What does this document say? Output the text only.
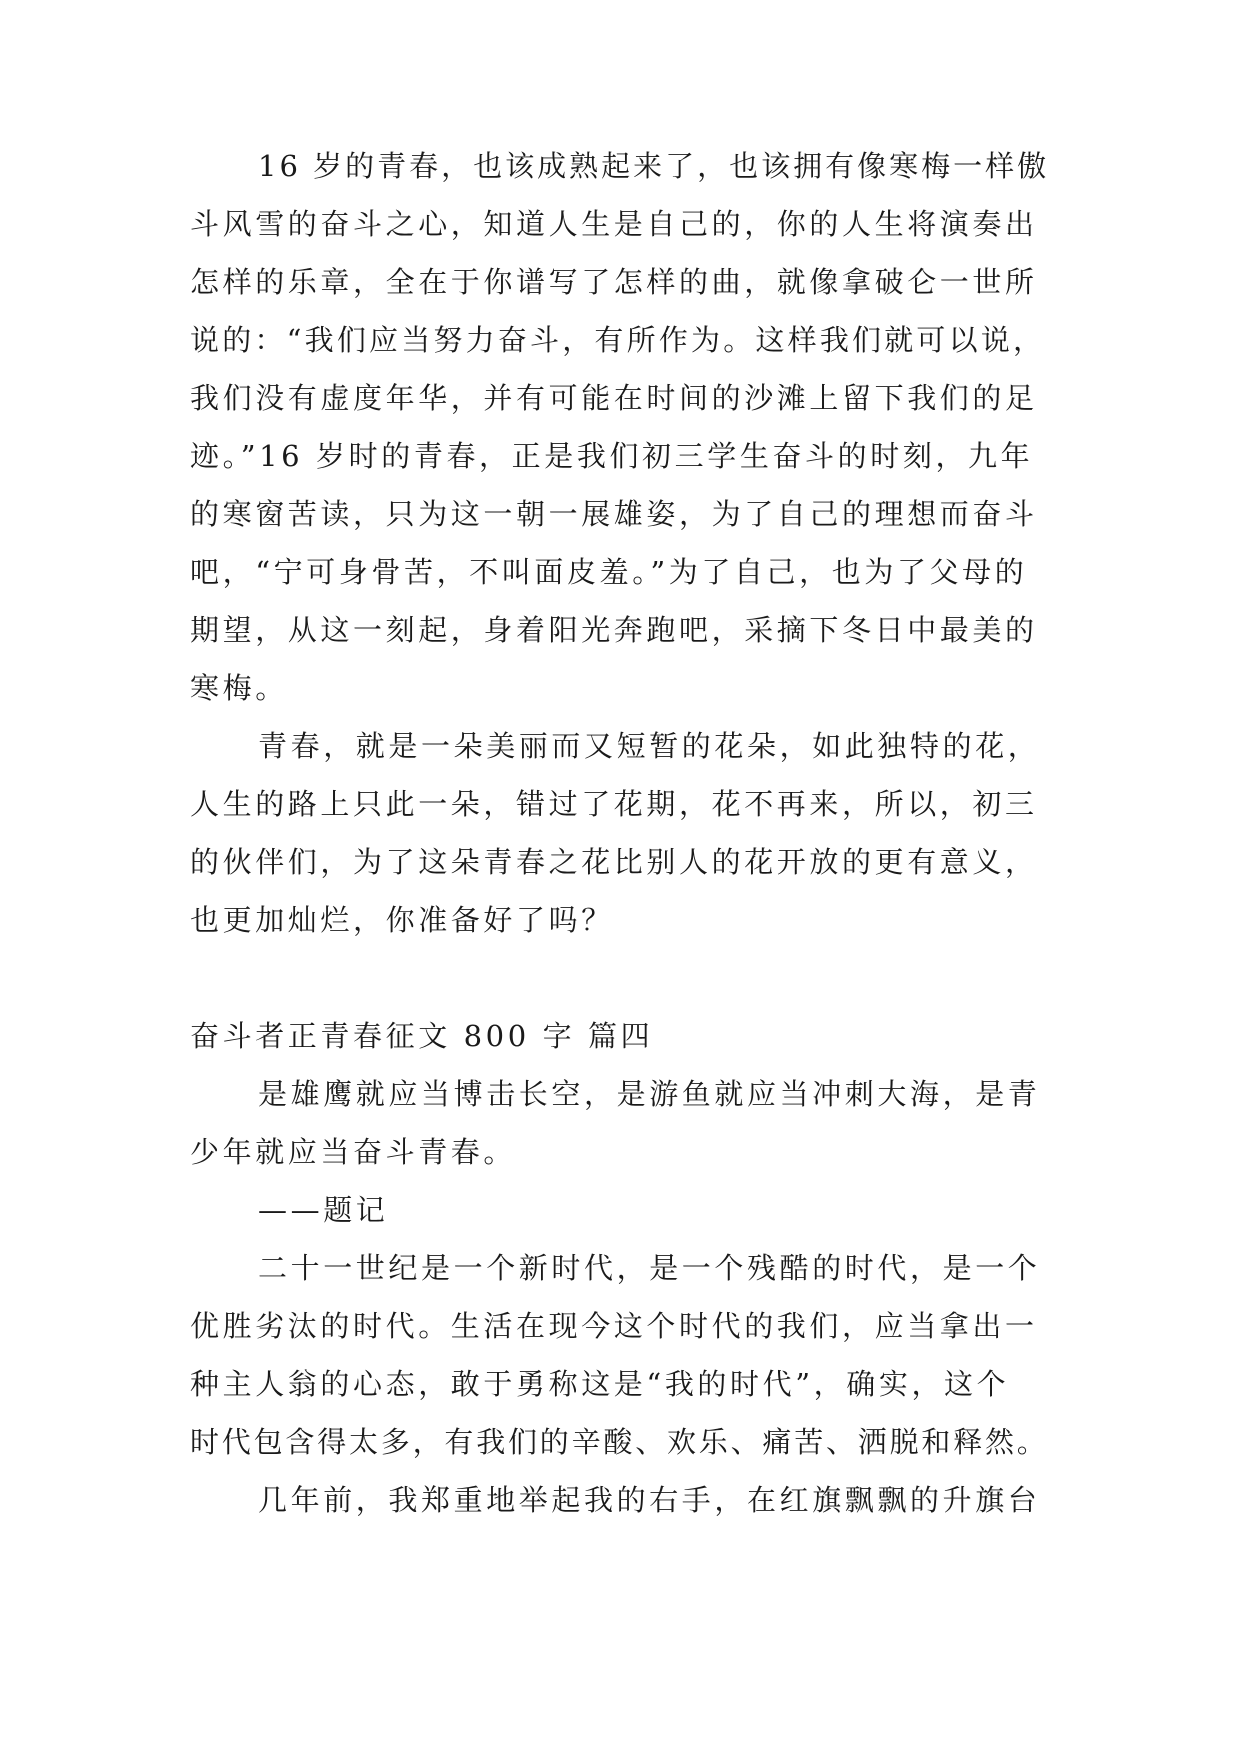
16 岁的青春，也该成熟起来了，也该拥有像寒梅一样傲
斗风雪的奋斗之心，知道人生是自己的，你的人生将演奏出
怎样的乐章，全在于你谱写了怎样的曲，就像拿破仑一世所
说的：“我们应当努力奋斗，有所作为。这样我们就可以说，
我们没有虚度年华，并有可能在时间的沙滩上留下我们的足
迹。”16 岁时的青春，正是我们初三学生奋斗的时刻，九年
的寒窗苦读，只为这一朝一展雄姿，为了自己的理想而奋斗
吧，“宁可身骨苦，不叫面皮羞。”为了自己，也为了父母的
期望，从这一刻起，身着阳光奔跑吧，采摘下冬日中最美的
寒梅。
青春，就是一朵美丽而又短暂的花朵，如此独特的花，
人生的路上只此一朵，错过了花期，花不再来，所以，初三
的伙伴们，为了这朵青春之花比别人的花开放的更有意义，
也更加灿烂，你准备好了吗？
奋斗者正青春征文 800 字 篇四
是雄鹰就应当博击长空，是游鱼就应当冲刺大海，是青
少年就应当奋斗青春。
——题记
二十一世纪是一个新时代，是一个残酷的时代，是一个
优胜劣汰的时代。生活在现今这个时代的我们，应当拿出一
种主人翁的心态，敢于勇称这是“我的时代”，确实，这个
时代包含得太多，有我们的辛酸、欢乐、痛苦、洒脱和释然。
几年前，我郑重地举起我的右手，在红旗飘飘的升旗台
